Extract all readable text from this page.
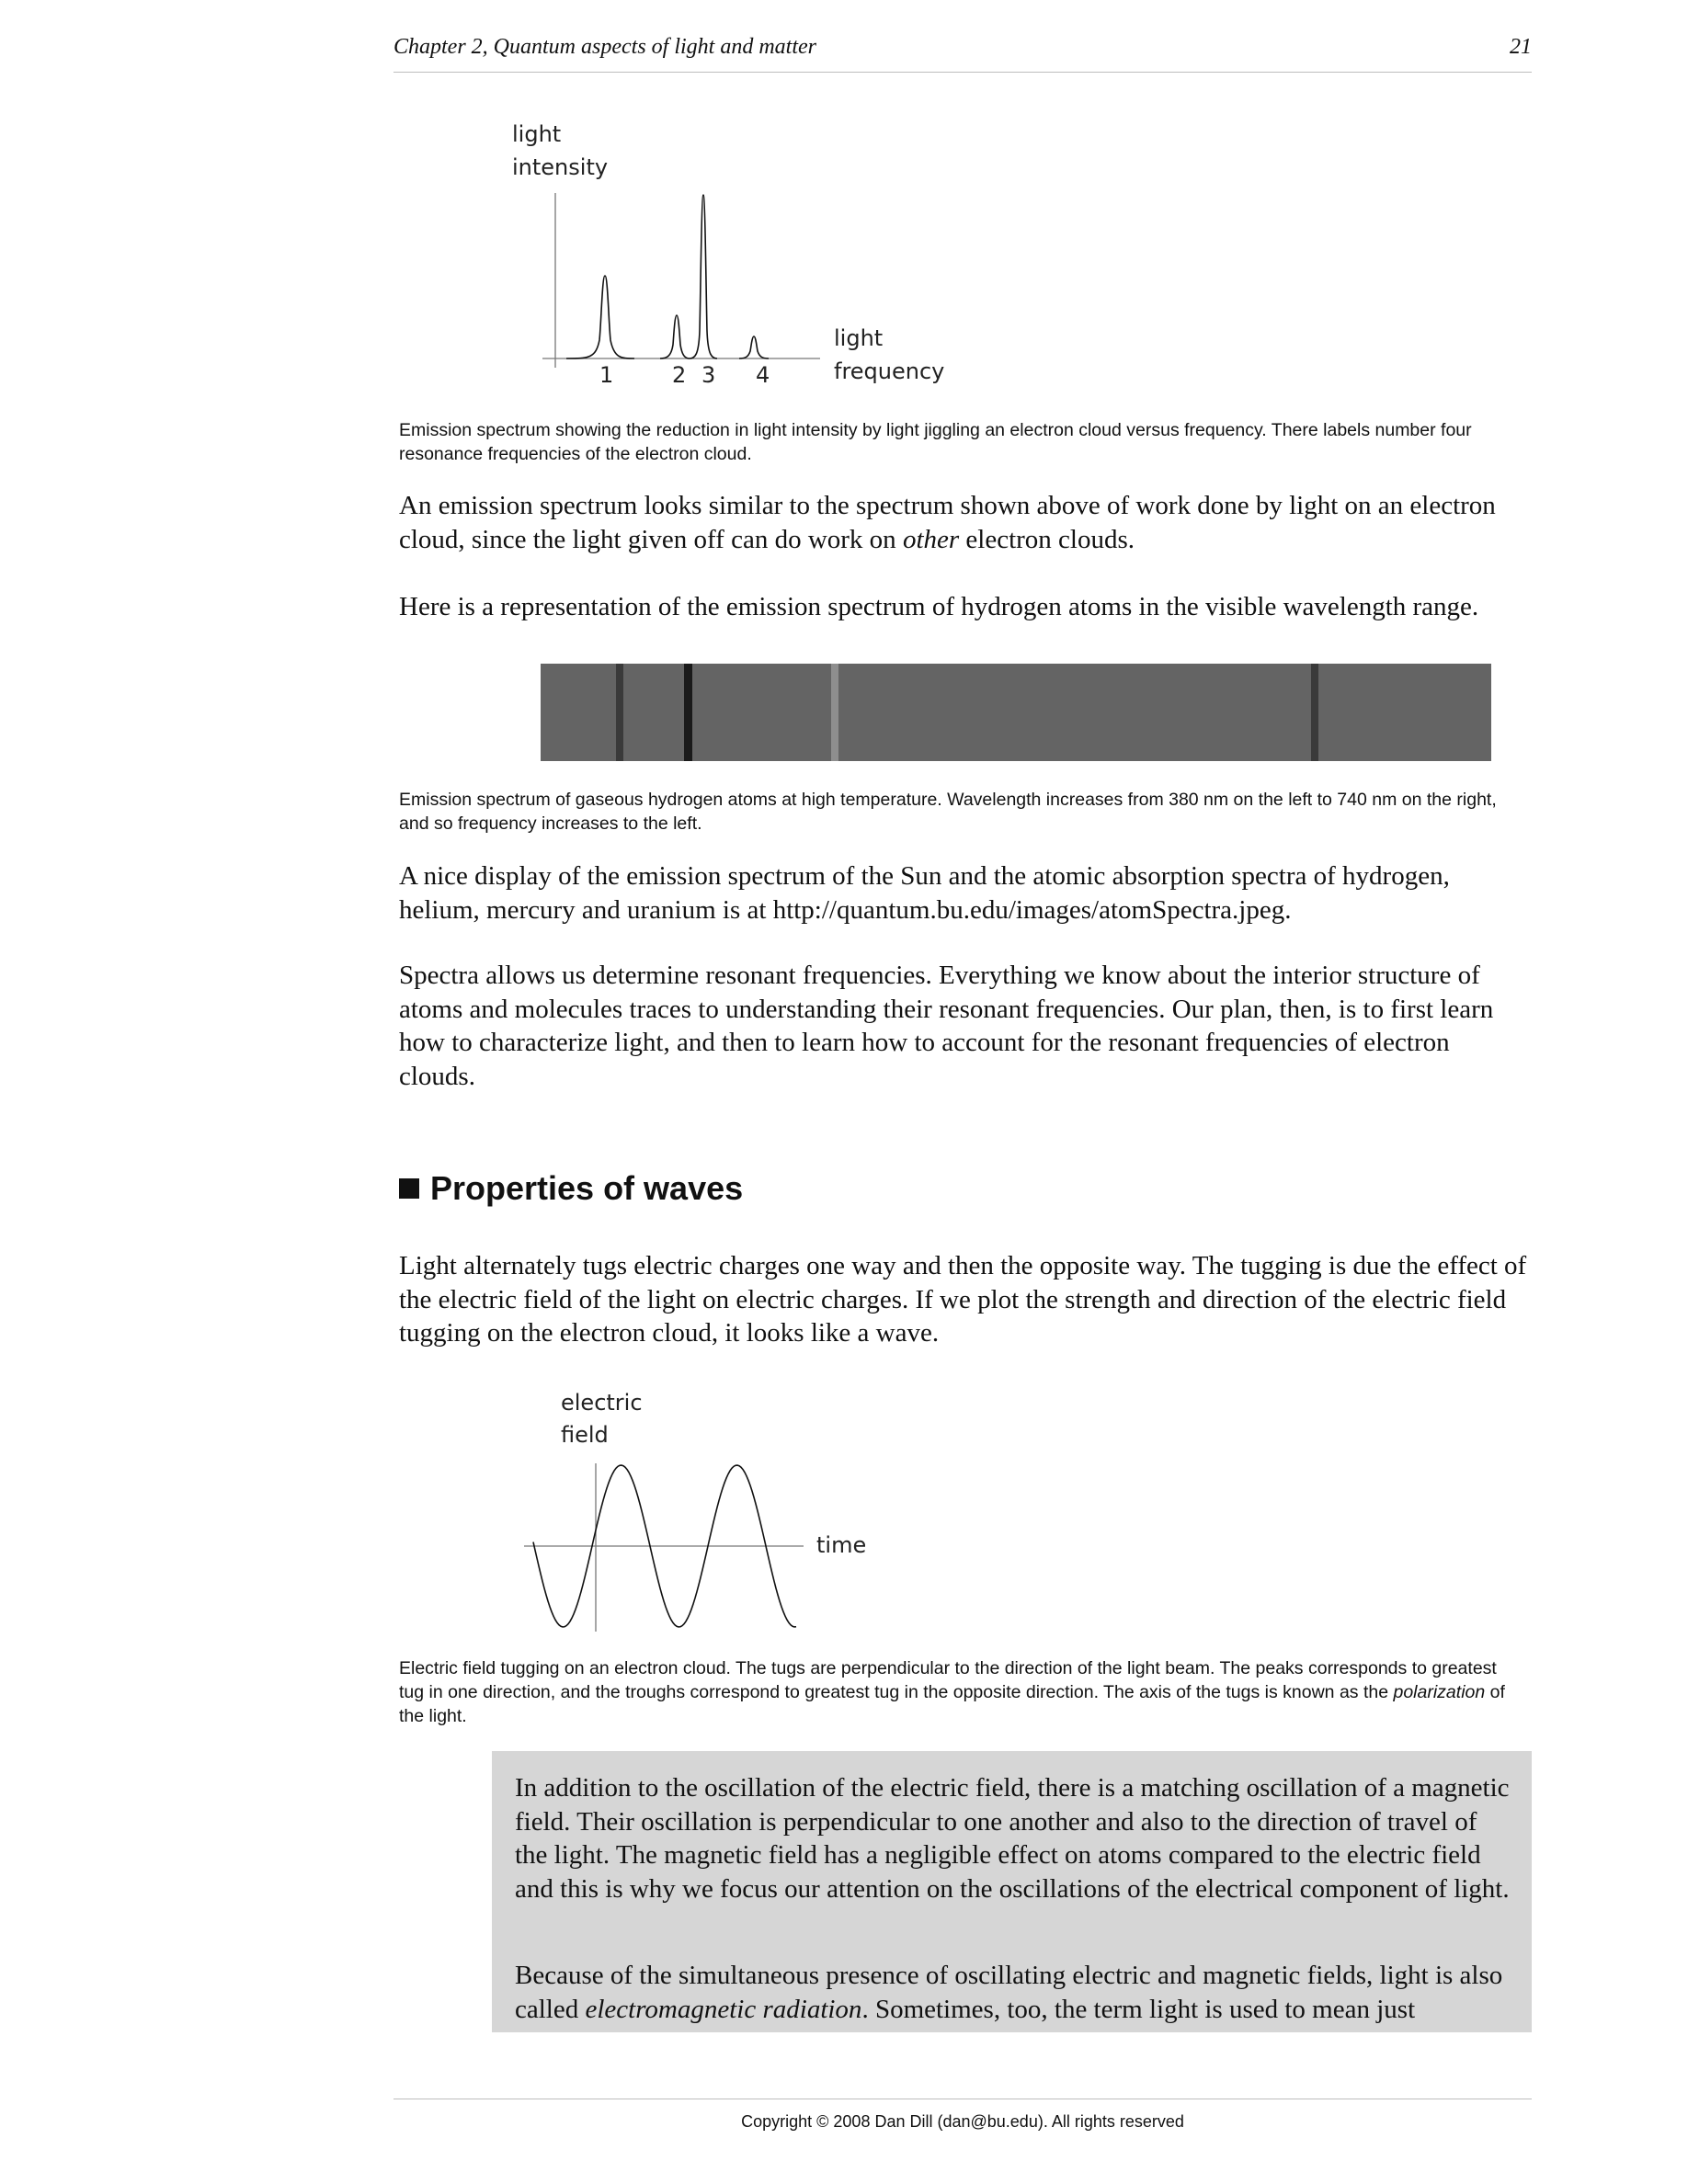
Chapter 2, Quantum aspects of light and matter	21
light
intensity
1	2 3 4
light
frequency

Emission spectrum showing the reduction in light intensity by light jiggling an electron cloud versus frequency. There labels number four resonance frequencies of the electron cloud.

An emission spectrum looks similar to the spectrum shown above of work done by light on an electron cloud, since the light given off can do work on other electron clouds.

Here is a representation of the emission spectrum of hydrogen atoms in the visible wavelength range.

Emission spectrum of gaseous hydrogen atoms at high temperature. Wavelength increases from 380 nm on the left to 740 nm on the right, and so frequency increases to the left.

A nice display of the emission spectrum of the Sun and the atomic absorption spectra of hydrogen, helium, mercury and uranium is at http://quantum.bu.edu/images/atomSpectra.jpeg.

Spectra allows us determine resonant frequencies. Everything we know about the interior structure of atoms and molecules traces to understanding their resonant frequencies. Our plan, then, is to first learn how to characterize light, and then to learn how to account for the resonant frequencies of electron clouds.

Properties of waves

Light alternately tugs electric charges one way and then the opposite way. The tugging is due the effect of the electric field of the light on electric charges. If we plot the strength and direction of the electric field tugging on the electron cloud, it looks like a wave.

electric
field
time

Electric field tugging on an electron cloud. The tugs are perpendicular to the direction of the light beam. The peaks corresponds to greatest tug in one direction, and the troughs correspond to greatest tug in the opposite direction. The axis of the tugs is known as the polarization of the light.

In addition to the oscillation of the electric field, there is a matching oscillation of a magnetic field. Their oscillation is perpendicular to one another and also to the direction of travel of the light. The magnetic field has a negligible effect on atoms compared to the electric field and this is why we focus our attention on the oscillations of the electrical component of light.

Because of the simultaneous presence of oscillating electric and magnetic fields, light is also called electromagnetic radiation. Sometimes, too, the term light is used to mean just

Copyright © 2008 Dan Dill (dan@bu.edu). All rights reserved
